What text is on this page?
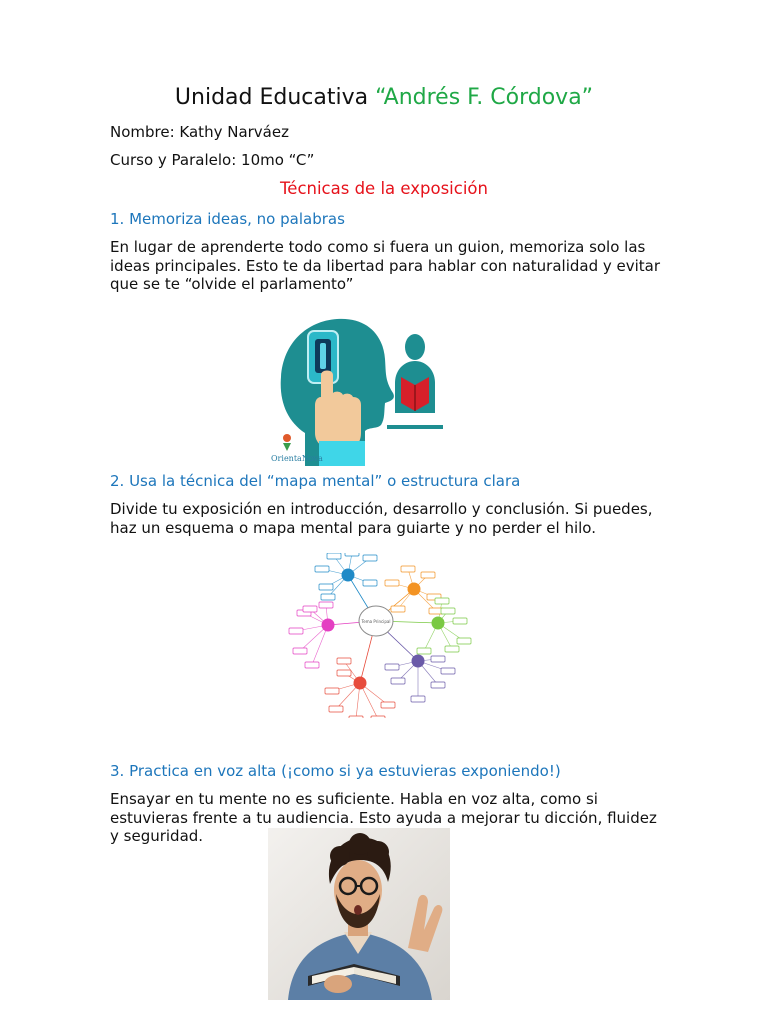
Unidad Educativa “Andrés F. Córdova”

Nombre: Kathy Narváez

Curso y Paralelo: 10mo “C”

Técnicas de la exposición
1. Memoriza ideas, no palabras

En lugar de aprenderte todo como si fuera un guion, memoriza solo las ideas principales. Esto te da libertad para hablar con naturalidad y evitar que se te “olvide el parlamento”

OrientaNova
2. Usa la técnica del “mapa mental” o estructura clara

Divide tu exposición en introducción, desarrollo y conclusión. Si puedes, haz un esquema o mapa mental para guiarte y no perder el hilo.

Tema Principal
3. Practica en voz alta (¡como si ya estuvieras exponiendo!)

Ensayar en tu mente no es suficiente. Habla en voz alta, como si estuvieras frente a tu audiencia. Esto ayuda a mejorar tu dicción, fluidez y seguridad.
